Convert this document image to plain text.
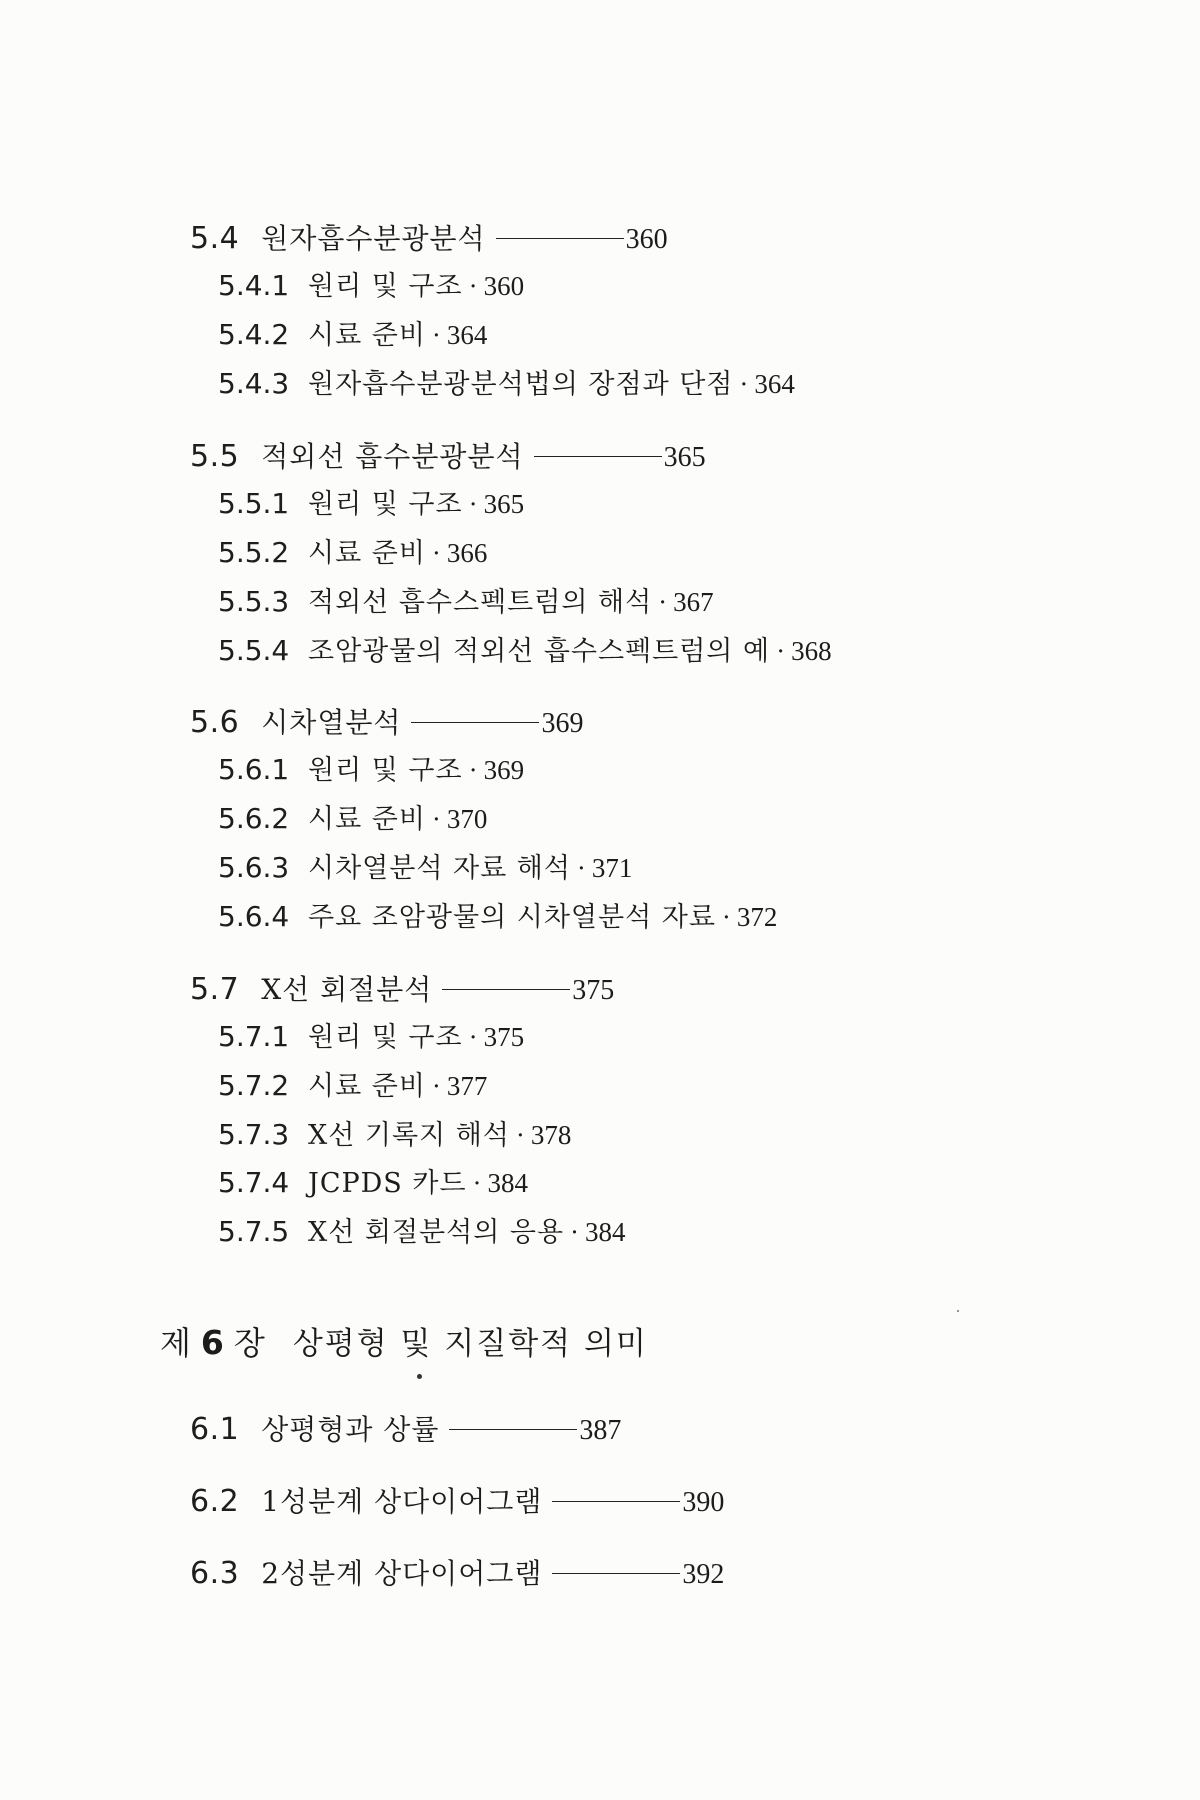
5.4 원자흡수분광분석	360
5.4.1 원리 및 구조 · 360
5.4.2 시료 준비 · 364
5.4.3 원자흡수분광분석법의 장점과 단점 · 364
5.5 적외선 흡수분광분석	365
5.5.1 원리 및 구조 · 365
5.5.2 시료 준비 · 366
5.5.3 적외선 흡수스펙트럼의 해석 · 367
5.5.4 조암광물의 적외선 흡수스펙트럼의 예 · 368
5.6 시차열분석	369
5.6.1 원리 및 구조 · 369
5.6.2 시료 준비 · 370
5.6.3 시차열분석 자료 해석 · 371
5.6.4 주요 조암광물의 시차열분석 자료 · 372
5.7 X선 회절분석	375
5.7.1 원리 및 구조 · 375
5.7.2 시료 준비 · 377
5.7.3 X선 기록지 해석 · 378
5.7.4 JCPDS 카드 · 384
5.7.5 X선 회절분석의 응용 · 384
제 6 장 상평형 및 지질학적 의미
6.1 상평형과 상률	387
6.2 1성분계 상다이어그램	390
6.3 2성분계 상다이어그램	392
